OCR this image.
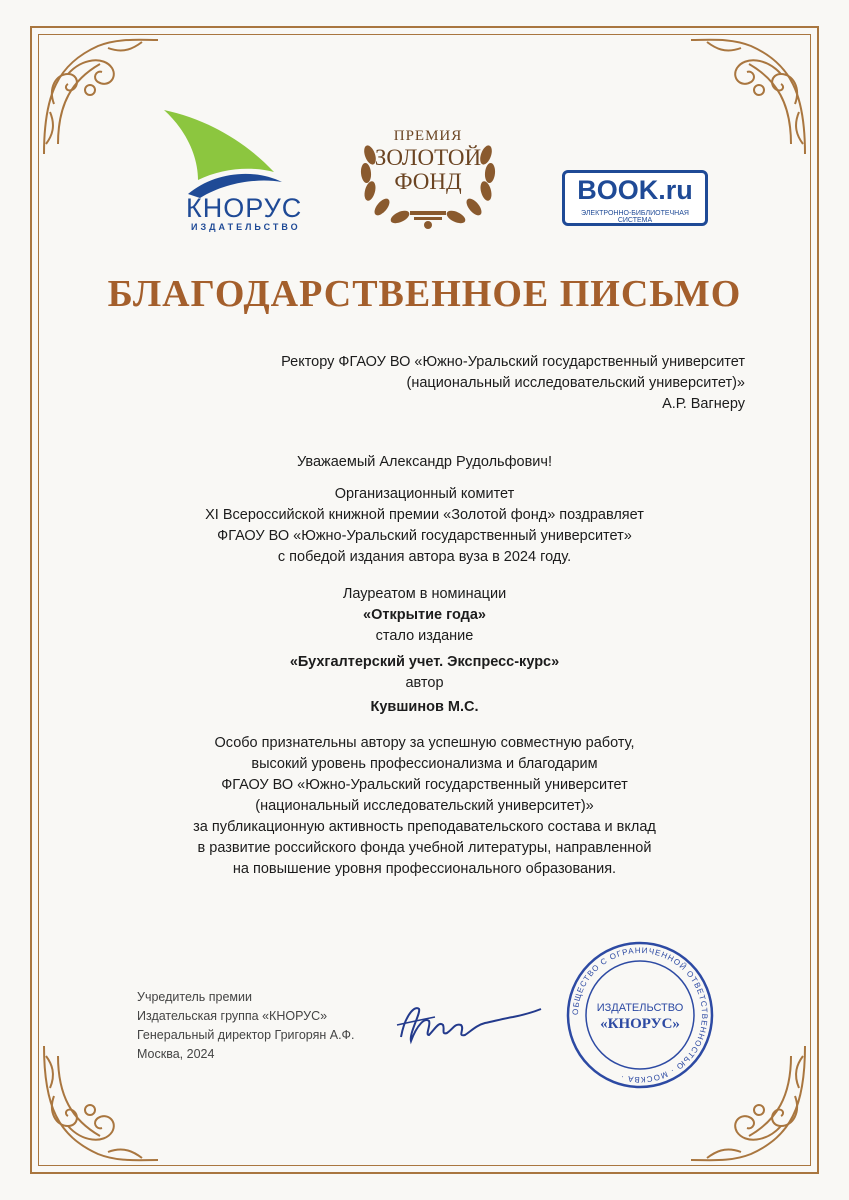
КНОРУС
ИЗДАТЕЛЬСТВО
ПРЕМИЯ
ЗОЛОТОЙ
ФОНД	BOOK.ru
ЭЛЕКТРОННО-БИБЛИОТЕЧНАЯ СИСТЕМА
БЛАГОДАРСТВЕННОЕ ПИСЬМО
Ректору ФГАОУ ВО «Южно-Уральский государственный университет
(национальный исследовательский университет)»
А.Р. Вагнеру
Уважаемый Александр Рудольфович!
Организационный комитет
XI Всероссийской книжной премии «Золотой фонд» поздравляет
ФГАОУ ВО «Южно-Уральский государственный университет»
с победой издания автора вуза в 2024 году.
Лауреатом в номинации
«Открытие года»
стало издание
«Бухгалтерский учет. Экспресс-курс»
автор
Кувшинов М.С.
Особо признательны автору за успешную совместную работу,
высокий уровень профессионализма и благодарим
ФГАОУ ВО «Южно-Уральский государственный университет
(национальный исследовательский университет)»
за публикационную активность преподавательского состава и вклад
в развитие российского фонда учебной литературы, направленной
на повышение уровня профессионального образования.
Учредитель премии
Издательская группа «КНОРУС»
Генеральный директор Григорян А.Ф.
Москва, 2024
ОБЩЕСТВО С ОГРАНИЧЕННОЙ ОТВЕТСТВЕННОСТЬЮ · МОСКВА ·
ИЗДАТЕЛЬСТВО
«КНОРУС»
